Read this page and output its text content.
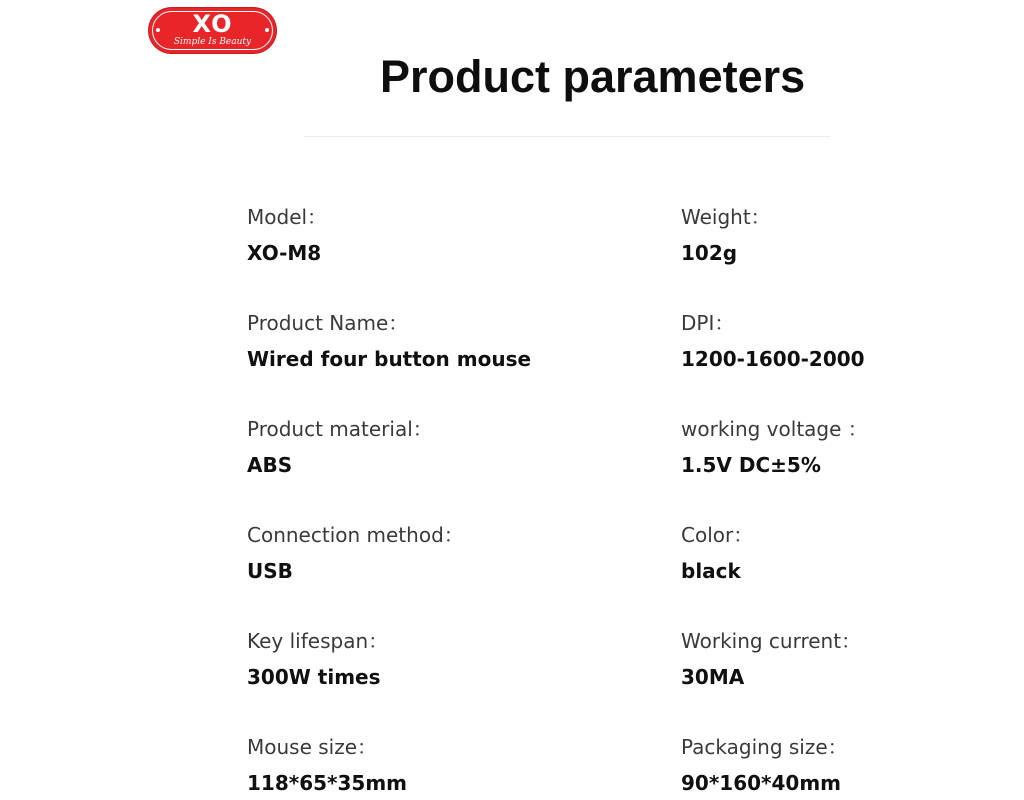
XO
Simple Is Beauty
Product parameters
Model：
XO-M8
Product Name：
Wired four button mouse
Product material：
ABS
Connection method：
USB
Key lifespan：
300W times
Mouse size：
118*65*35mm
Weight：
102g
DPI：
1200-1600-2000
working voltage ：
1.5V DC±5%
Color：
black
Working current：
30MA
Packaging size：
90*160*40mm
